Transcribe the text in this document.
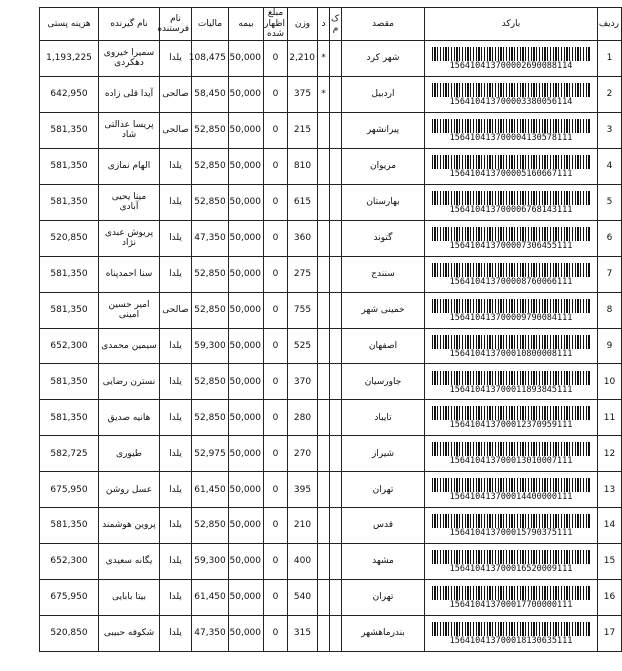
ردیف	بارکد	مقصد	ک م	د	وزن	مبلغ اظهار شده	بیمه	مالیات	نام فرستنده	نام گیرنده	هزینه پستی
1	156410413700002690088114	شهر کرد		*	2,210	0	50,000	108,475	یلدا	سمیرا خیروی دهکردی	1,193,225
2	156410413700003380056114	اردبیل		*	375	0	50,000	58,450	صالحی	آیدا قلی زاده	642,950
3	156410413700004130578111	پیرانشهر			215	0	50,000	52,850	صالحی	پریسا عدالتی شاد	581,350
4	156410413700005160667111	مریوان			810	0	50,000	52,850	یلدا	الهام نمازی	581,350
5	156410413700006768143111	بهارستان			615	0	50,000	52,850	یلدا	مینا یحیی آبادی	581,350
6	156410413700007306455111	گتوند			360	0	50,000	47,350	یلدا	پریوش عبدی نژاد	520,850
7	156410413700008760066111	سنندج			275	0	50,000	52,850	یلدا	سنا احمدپناه	581,350
8	156410413700009790084111	خمینی شهر			755	0	50,000	52,850	صالحی	امیر حسین امینی	581,350
9	156410413700010800008111	اصفهان			525	0	50,000	59,300	یلدا	سیمین محمدی	652,300
10	156410413700011893845111	جاورسیان			370	0	50,000	52,850	یلدا	نسترن رضایی	581,350
11	156410413700012370959111	تایباد			280	0	50,000	52,850	یلدا	هانیه صدیق	581,350
12	156410413700013010007111	شیراز			270	0	50,000	52,975	یلدا	طیوری	582,725
13	156410413700014400000111	تهران			395	0	50,000	61,450	یلدا	عسل روشن	675,950
14	156410413700015790375111	قدس			210	0	50,000	52,850	یلدا	پروین هوشمند	581,350
15	156410413700016520009111	مشهد			400	0	50,000	59,300	یلدا	یگانه سعیدی	652,300
16	156410413700017700000111	تهران			540	0	50,000	61,450	یلدا	بیتا بابایی	675,950
17	156410413700018130635111	بندرماهشهر			315	0	50,000	47,350	یلدا	شکوفه حبیبی	520,850
